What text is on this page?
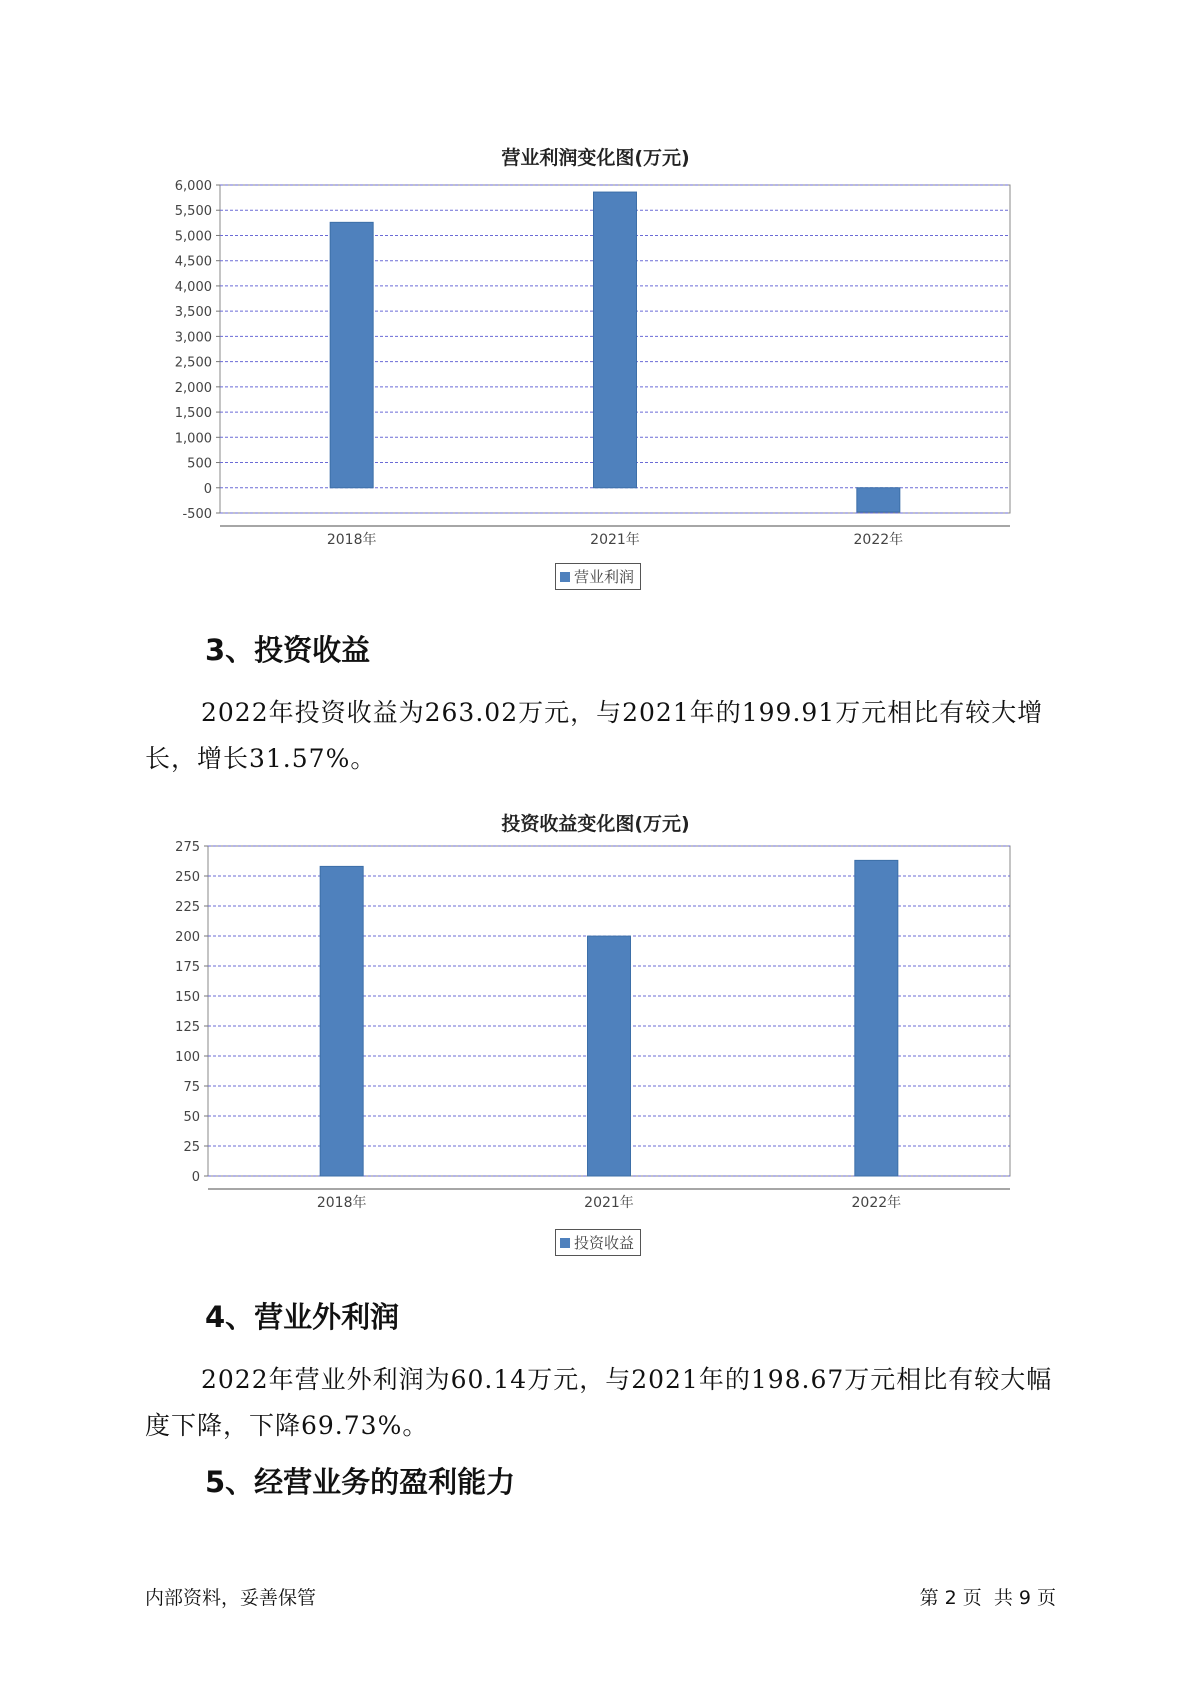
营业利润变化图(万元)
-500
0
500
1,000
1,500
2,000
2,500
3,000
3,500
4,000
4,500
5,000
5,500
6,000
2018年	2021年	2022年
营业利润
3、投资收益
2022年投资收益为263.02万元，与2021年的199.91万元相比有较大增长，增长31.57%。
投资收益变化图(万元)
0
25
50
75
100
125
150
175
200
225
250
275
2018年	2021年	2022年
投资收益
4、营业外利润
2022年营业外利润为60.14万元，与2021年的198.67万元相比有较大幅度下降，下降69.73%。
5、经营业务的盈利能力
内部资料，妥善保管	第 2 页  共 9 页
